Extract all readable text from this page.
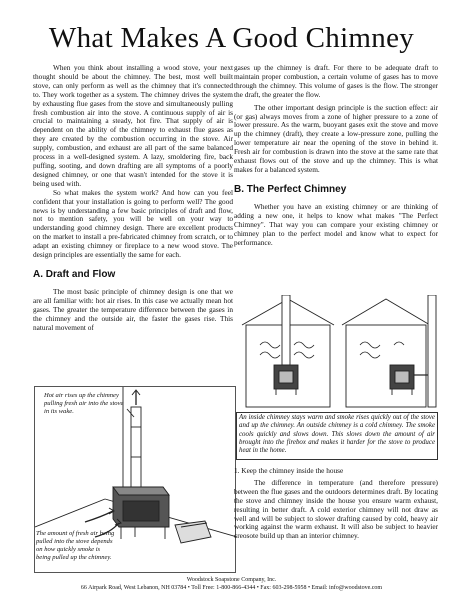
What Makes A Good Chimney

When you think about installing a wood stove, your next thought should be about the chimney. The best, most well built stove, can only perform as well as the chimney that it's connected to. They work together as a system. The chimney drives the system by exhausting flue gases from the stove and simultaneously pulling fresh combustion air into the stove. A continuous supply of air is crucial to maintaining a steady, hot fire. That supply of air is dependent on the ability of the chimney to exhaust flue gases as they are created by the combustion occurring in the stove. Air supply, combustion, and exhaust are all part of the same balanced process in a well-designed system. A lazy, smoldering fire, back puffing, sooting, and down drafting are all symptoms of a poorly designed chimney, or one that wasn't intended for the stove it is being used with.

So what makes the system work? And how can you feel confident that your installation is going to perform well? The good news is by understanding a few basic principles of draft and flow, not to mention safety, you will be well on your way to understanding good chimney design. There are excellent products on the market to install a pre-fabricated chimney from scratch, or to adapt an existing chimney or fireplace to a new wood stove. The design principles are essentially the same for each.

A. Draft and Flow

The most basic principle of chimney design is one that we are all familiar with: hot air rises. In this case we actually mean hot gases. The greater the temperature difference between the gases in the chimney and the outside air, the faster the gases rise. This natural movement of

gases up the chimney is draft. For there to be adequate draft to maintain proper combustion, a certain volume of gases has to move through the chimney. This volume of gases is the flow. The stronger the draft, the greater the flow.

The other important design principle is the suction effect: air (or gas) always moves from a zone of higher pressure to a zone of lower pressure. As the warm, buoyant gases exit the stove and move up the chimney (draft), they create a low-pressure zone, pulling the lower temperature air near the opening of the stove in behind it. Fresh air for combustion is drawn into the stove at the same rate that exhaust flows out of the stove and up the chimney. This is what makes for a balanced system.

B. The Perfect Chimney

Whether you have an existing chimney or are thinking of adding a new one, it helps to know what makes "The Perfect Chimney". That way you can compare your existing chimney or chimney plan to the perfect model and know what to expect for performance.

Hot air rises up the chimney pulling fresh air into the stove in its wake.
The amount of fresh air being pulled into the stove depends on how quickly smoke is being pulled up the chimney.
An inside chimney stays warm and smoke rises quickly out of the stove and up the chimney. An outside chimney is a cold chimney. The smoke cools quickly and slows down. This slows down the amount of air brought into the firebox and makes it harder for the stove to produce heat in the home.
1. Keep the chimney inside the house

The difference in temperature (and therefore pressure) between the flue gases and the outdoors determines draft. By locating the stove and chimney inside the house you ensure warm exhaust, resulting in better draft. A cold exterior chimney will not draw as well and will be subject to slower drafting caused by cold, heavy air working against the warm exhaust. It will also be subject to heavier creosote build up than an interior chimney.

Woodstock Soapstone Company, Inc.
66 Airpark Road, West Lebanon, NH 03784 • Toll Free: 1-800-866-4344 • Fax: 603-298-5958 • Email: info@woodstove.com
